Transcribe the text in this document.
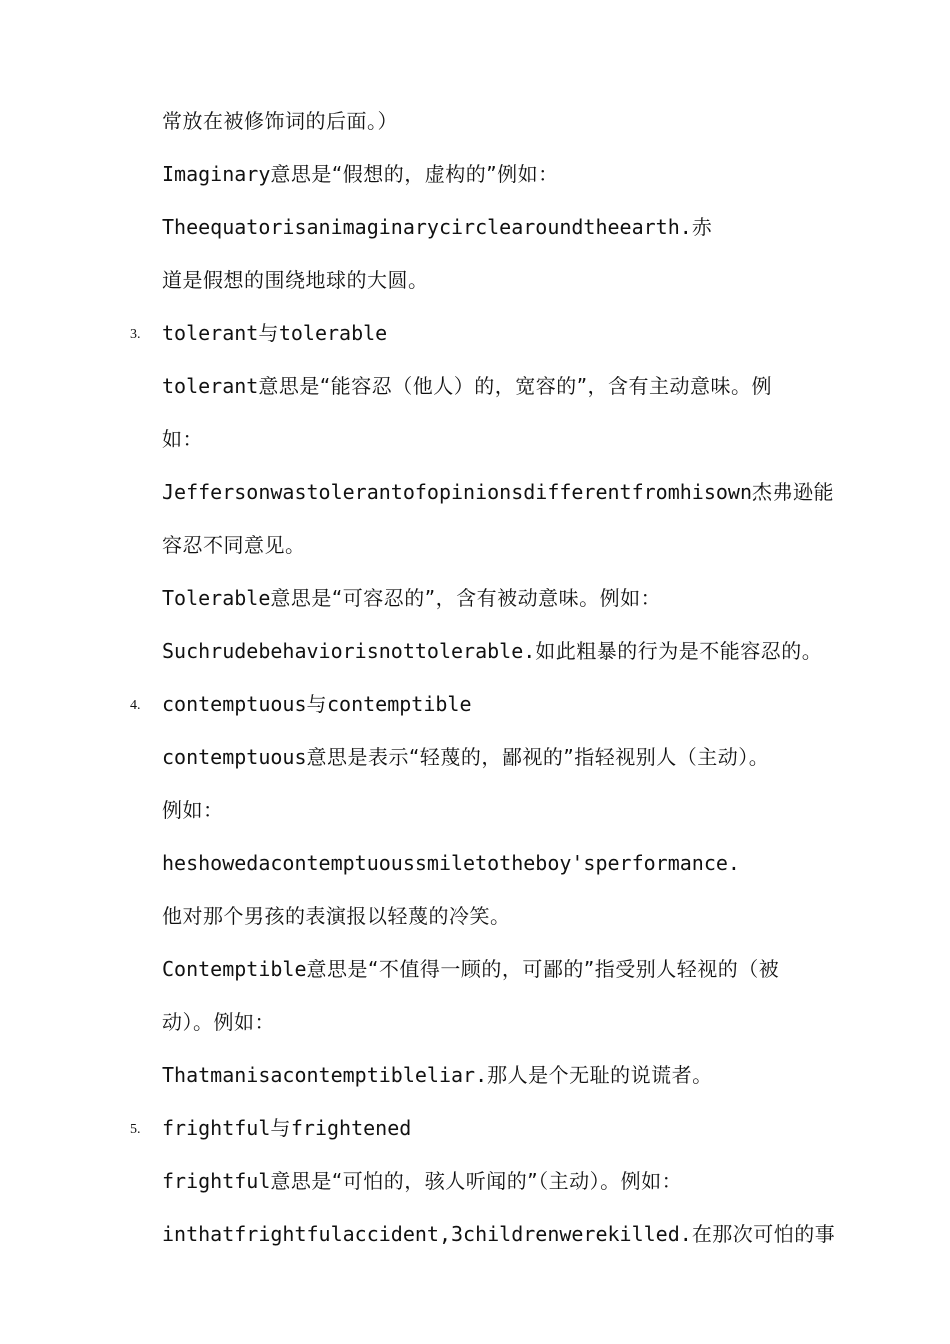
常放在被修饰词的后面。）
Imaginary意思是“假想的，虚构的”例如：
Theequatorisanimaginarycirclearoundtheearth.赤
道是假想的围绕地球的大圆。
3. tolerant与tolerable
tolerant意思是“能容忍（他人）的，宽容的”，含有主动意味。例
如：
Jeffersonwastolerantofopinionsdifferentfromhisown杰弗逊能
容忍不同意见。
Tolerable意思是“可容忍的”，含有被动意味。例如：
Suchrudebehaviorisnottolerable.如此粗暴的行为是不能容忍的。
4. contemptuous与contemptible
contemptuous意思是表示“轻蔑的，鄙视的”指轻视别人（主动）。
例如：
heshowedacontemptuoussmiletotheboy'sperformance.
他对那个男孩的表演报以轻蔑的冷笑。
Contemptible意思是“不值得一顾的，可鄙的”指受别人轻视的（被
动）。例如：
Thatmanisacontemptibleliar.那人是个无耻的说谎者。
5. frightful与frightened
frightful意思是“可怕的，骇人听闻的”（主动）。例如：
inthatfrightfulaccident,3childrenwerekilled.在那次可怕的事
